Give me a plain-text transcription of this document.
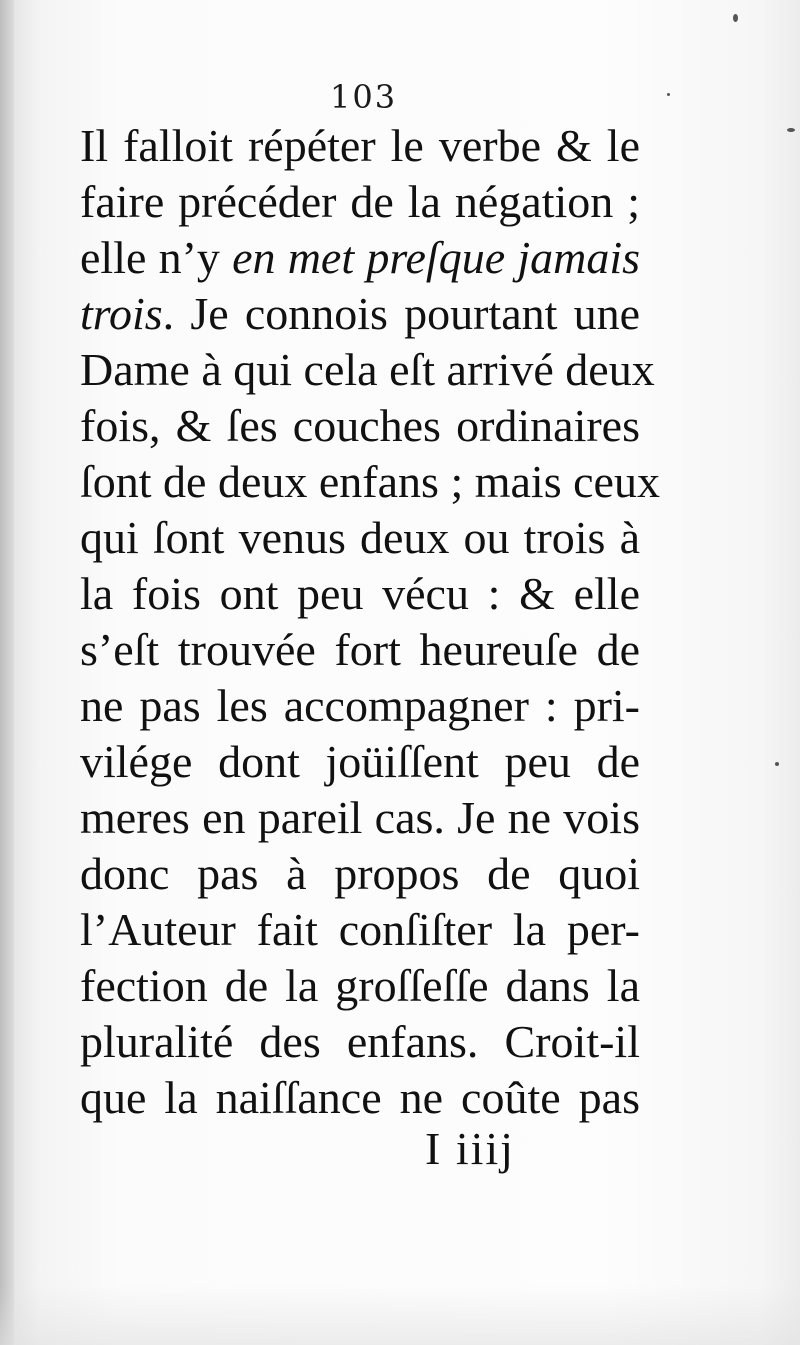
103
Il falloit répéter le verbe & le
faire précéder de la négation ;
elle n’y en met preſque jamais
trois. Je connois pourtant une
Dame à qui cela eſt arrivé deux
fois, & ſes couches ordinaires
ſont de deux enfans ; mais ceux
qui ſont venus deux ou trois à
la fois ont peu vécu : & elle
s’eſt trouvée fort heureuſe de
ne pas les accompagner : pri-
vilége dont joüiſſent peu de
meres en pareil cas. Je ne vois
donc pas à propos de quoi
l’Auteur fait conſiſter la per-
fection de la groſſeſſe dans la
pluralité des enfans. Croit-il
que la naiſſance ne coûte pas
I iiij
